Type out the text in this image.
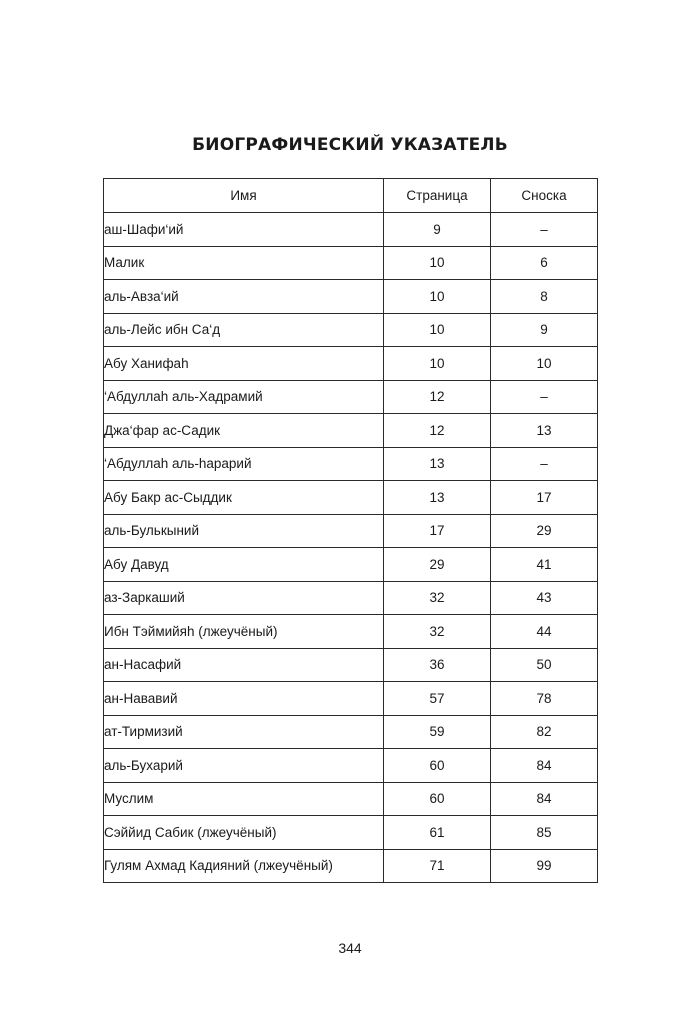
БИОГРАФИЧЕСКИЙ УКАЗАТЕЛЬ
Имя	Страница	Сноска
аш-Шафи‘ий	9	–
Малик	10	6
аль-Авза‘ий	10	8
аль-Лейс ибн Са‘д	10	9
Абу Ханифаh	10	10
‘Абдуллаh аль-Хадрамий	12	–
Джа‘фар ас-Садик	12	13
‘Абдуллаh аль-hарарий	13	–
Абу Бакр ас-Сыддик	13	17
аль-Булькыний	17	29
Абу Давуд	29	41
аз-Заркаший	32	43
Ибн Тэймийяh (лжеучёный)	32	44
ан-Насафий	36	50
ан-Нававий	57	78
ат-Тирмизий	59	82
аль-Бухарий	60	84
Муслим	60	84
Сэййид Сабик (лжеучёный)	61	85
Гулям Ахмад Кадияний (лжеучёный)	71	99
344
